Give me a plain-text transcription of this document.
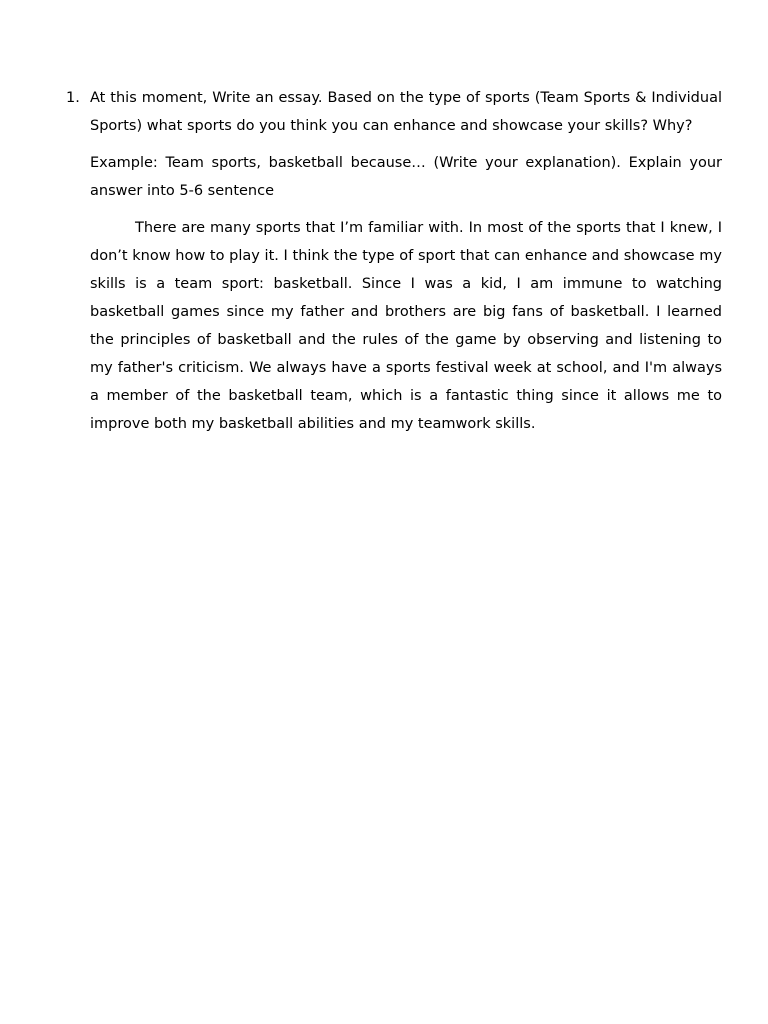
1. At this moment, Write an essay. Based on the type of sports (Team Sports & Individual Sports) what sports do you think you can enhance and showcase your skills? Why?

Example: Team sports, basketball because… (Write your explanation). Explain your answer into 5-6 sentence

There are many sports that I’m familiar with. In most of the sports that I knew, I don’t know how to play it. I think the type of sport that can enhance and showcase my skills is a team sport: basketball. Since I was a kid, I am immune to watching basketball games since my father and brothers are big fans of basketball. I learned the principles of basketball and the rules of the game by observing and listening to my father's criticism. We always have a sports festival week at school, and I'm always a member of the basketball team, which is a fantastic thing since it allows me to improve both my basketball abilities and my teamwork skills.
